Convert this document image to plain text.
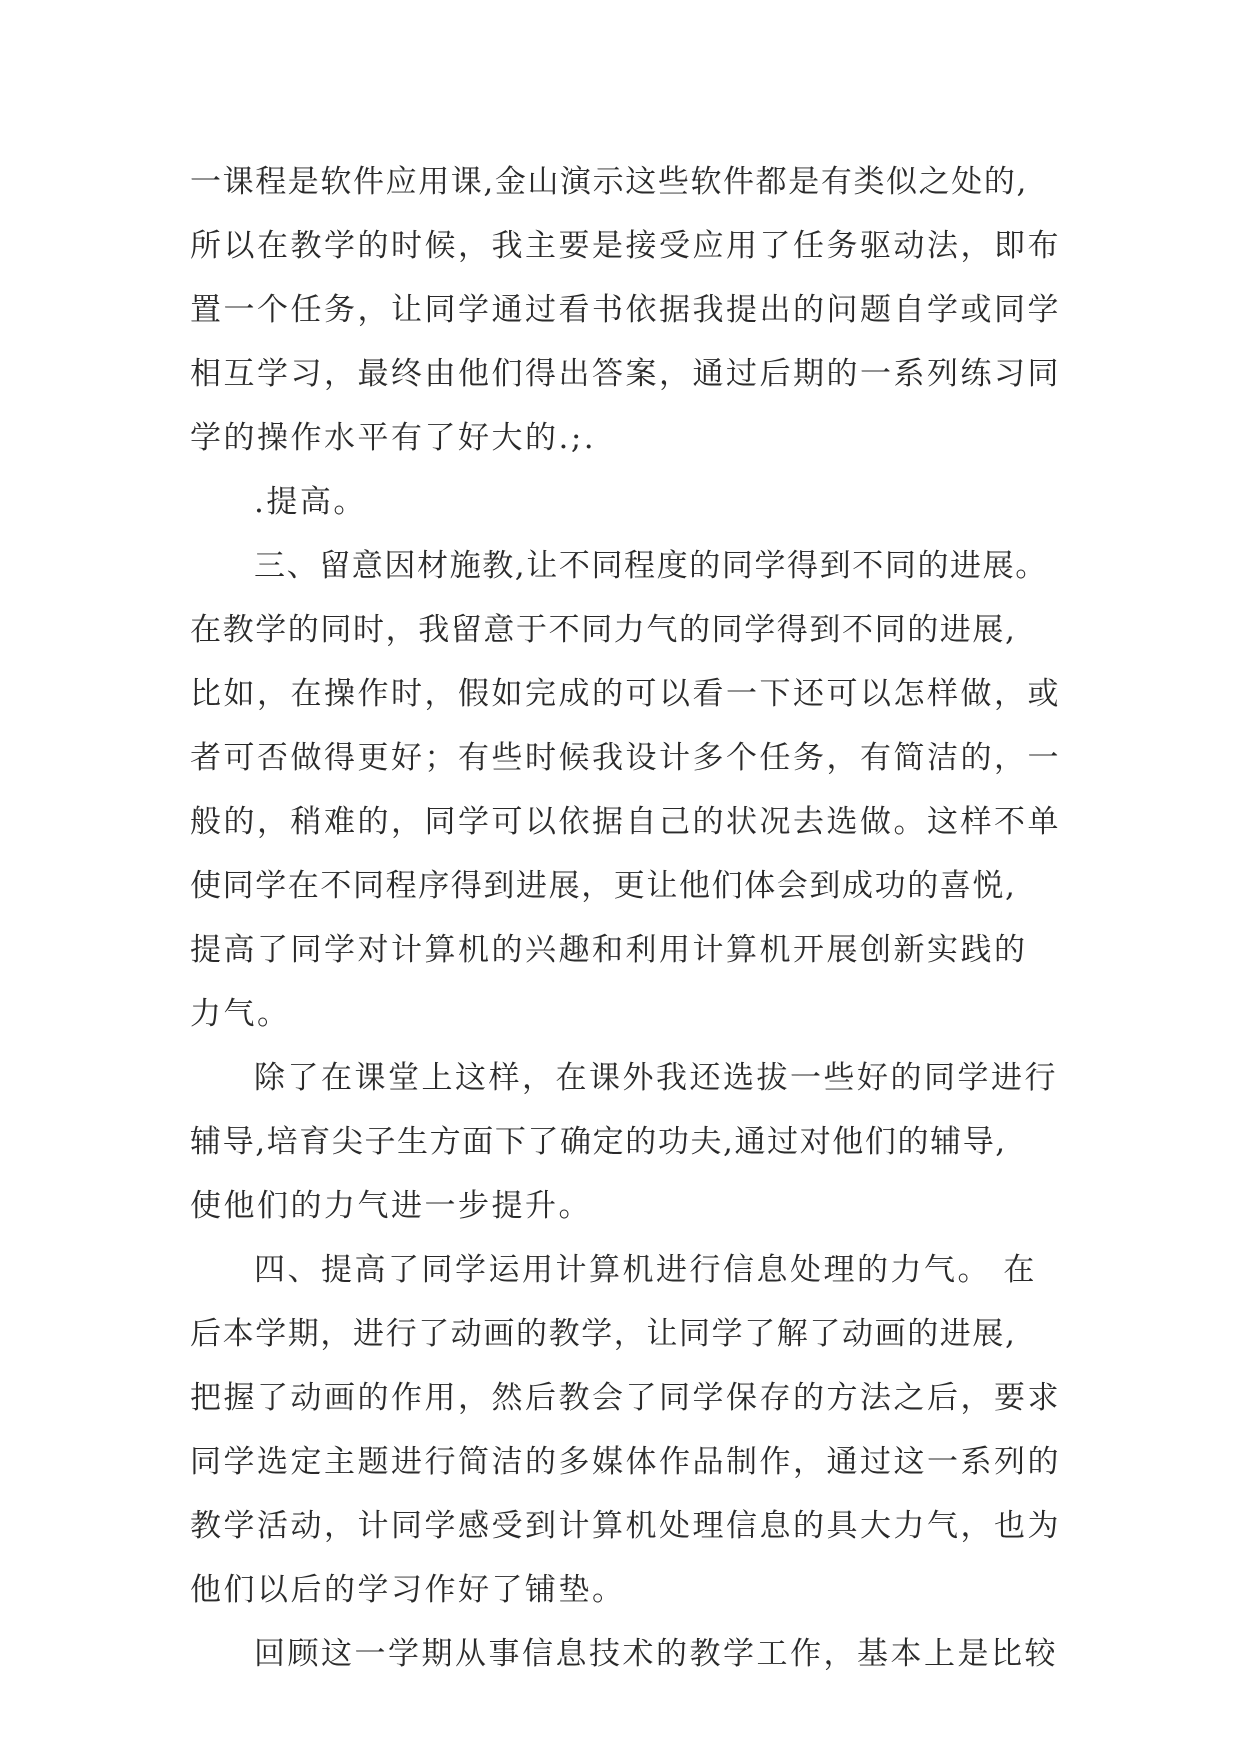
一课程是软件应用课,金山演示这些软件都是有类似之处的,
所以在教学的时候，我主要是接受应用了任务驱动法，即布
置一个任务，让同学通过看书依据我提出的问题自学或同学
相互学习，最终由他们得出答案，通过后期的一系列练习同
学的操作水平有了好大的.;.
.提高。
三、留意因材施教,让不同程度的同学得到不同的进展。
在教学的同时，我留意于不同力气的同学得到不同的进展,
比如，在操作时，假如完成的可以看一下还可以怎样做，或
者可否做得更好；有些时候我设计多个任务，有简洁的，一
般的，稍难的，同学可以依据自己的状况去选做。这样不单
使同学在不同程序得到进展，更让他们体会到成功的喜悦,
提高了同学对计算机的兴趣和利用计算机开展创新实践的
力气。
除了在课堂上这样，在课外我还选拔一些好的同学进行
辅导,培育尖子生方面下了确定的功夫,通过对他们的辅导,
使他们的力气进一步提升。
四、提高了同学运用计算机进行信息处理的力气。 在
后本学期，进行了动画的教学，让同学了解了动画的进展,
把握了动画的作用，然后教会了同学保存的方法之后，要求
同学选定主题进行简洁的多媒体作品制作，通过这一系列的
教学活动，计同学感受到计算机处理信息的具大力气，也为
他们以后的学习作好了铺垫。
回顾这一学期从事信息技术的教学工作，基本上是比较
